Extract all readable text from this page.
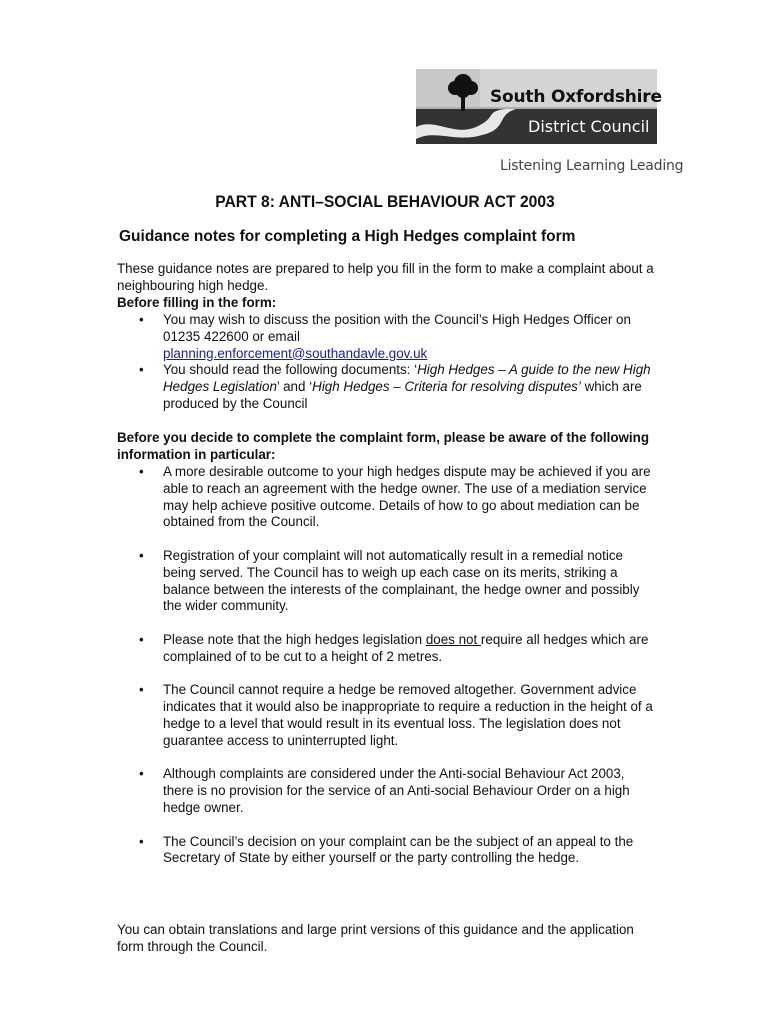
South Oxfordshire
District Council
Listening Learning Leading
PART 8: ANTI–SOCIAL BEHAVIOUR ACT 2003
Guidance notes for completing a High Hedges complaint form
These guidance notes are prepared to help you fill in the form to make a complaint about a neighbouring high hedge.
Before filling in the form:
• You may wish to discuss the position with the Council’s High Hedges Officer on 01235 422600 or email
planning.enforcement@southandavle.gov.uk
• You should read the following documents: ‘High Hedges – A guide to the new High Hedges Legislation’ and ‘High Hedges – Criteria for resolving disputes’ which are produced by the Council
Before you decide to complete the complaint form, please be aware of the following information in particular:
• A more desirable outcome to your high hedges dispute may be achieved if you are able to reach an agreement with the hedge owner. The use of a mediation service may help achieve positive outcome. Details of how to go about mediation can be obtained from the Council.
• Registration of your complaint will not automatically result in a remedial notice being served. The Council has to weigh up each case on its merits, striking a balance between the interests of the complainant, the hedge owner and possibly the wider community.
• Please note that the high hedges legislation does not require all hedges which are complained of to be cut to a height of 2 metres.
• The Council cannot require a hedge be removed altogether. Government advice indicates that it would also be inappropriate to require a reduction in the height of a hedge to a level that would result in its eventual loss. The legislation does not guarantee access to uninterrupted light.
• Although complaints are considered under the Anti-social Behaviour Act 2003, there is no provision for the service of an Anti-social Behaviour Order on a high hedge owner.
• The Council’s decision on your complaint can be the subject of an appeal to the Secretary of State by either yourself or the party controlling the hedge.
You can obtain translations and large print versions of this guidance and the application form through the Council.
